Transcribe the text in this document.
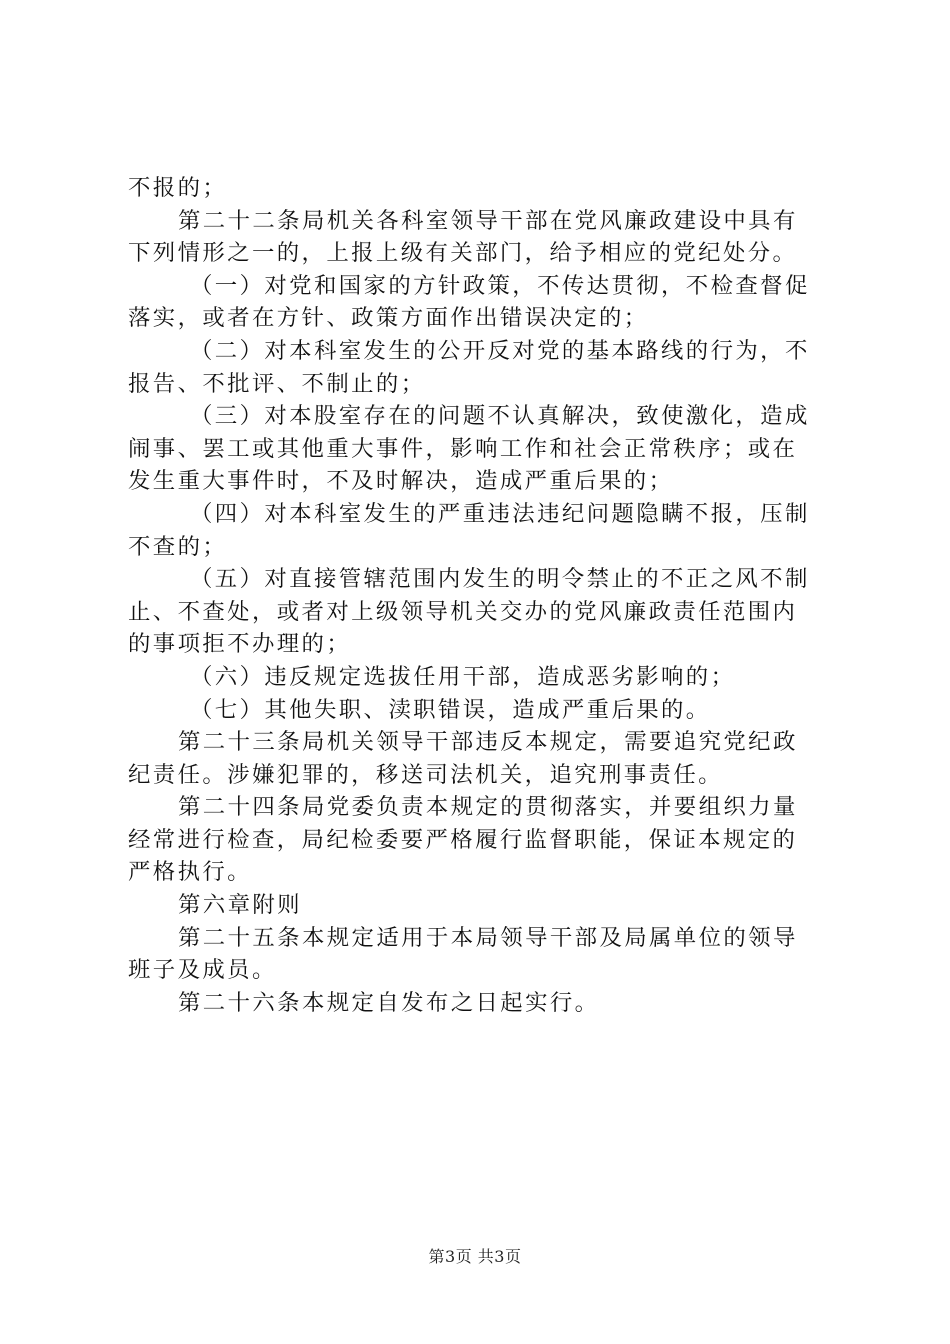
不报的；
第二十二条局机关各科室领导干部在党风廉政建设中具有
下列情形之一的，上报上级有关部门，给予相应的党纪处分。
（一）对党和国家的方针政策，不传达贯彻，不检查督促
落实，或者在方针、政策方面作出错误决定的；
（二）对本科室发生的公开反对党的基本路线的行为，不
报告、不批评、不制止的；
（三）对本股室存在的问题不认真解决，致使激化，造成
闹事、罢工或其他重大事件，影响工作和社会正常秩序；或在
发生重大事件时，不及时解决，造成严重后果的；
（四）对本科室发生的严重违法违纪问题隐瞒不报，压制
不查的；
（五）对直接管辖范围内发生的明令禁止的不正之风不制
止、不查处，或者对上级领导机关交办的党风廉政责任范围内
的事项拒不办理的；
（六）违反规定选拔任用干部，造成恶劣影响的；
（七）其他失职、渎职错误，造成严重后果的。
第二十三条局机关领导干部违反本规定，需要追究党纪政
纪责任。涉嫌犯罪的，移送司法机关，追究刑事责任。
第二十四条局党委负责本规定的贯彻落实，并要组织力量
经常进行检查，局纪检委要严格履行监督职能，保证本规定的
严格执行。
第六章附则
第二十五条本规定适用于本局领导干部及局属单位的领导
班子及成员。
第二十六条本规定自发布之日起实行。
第3页 共3页
